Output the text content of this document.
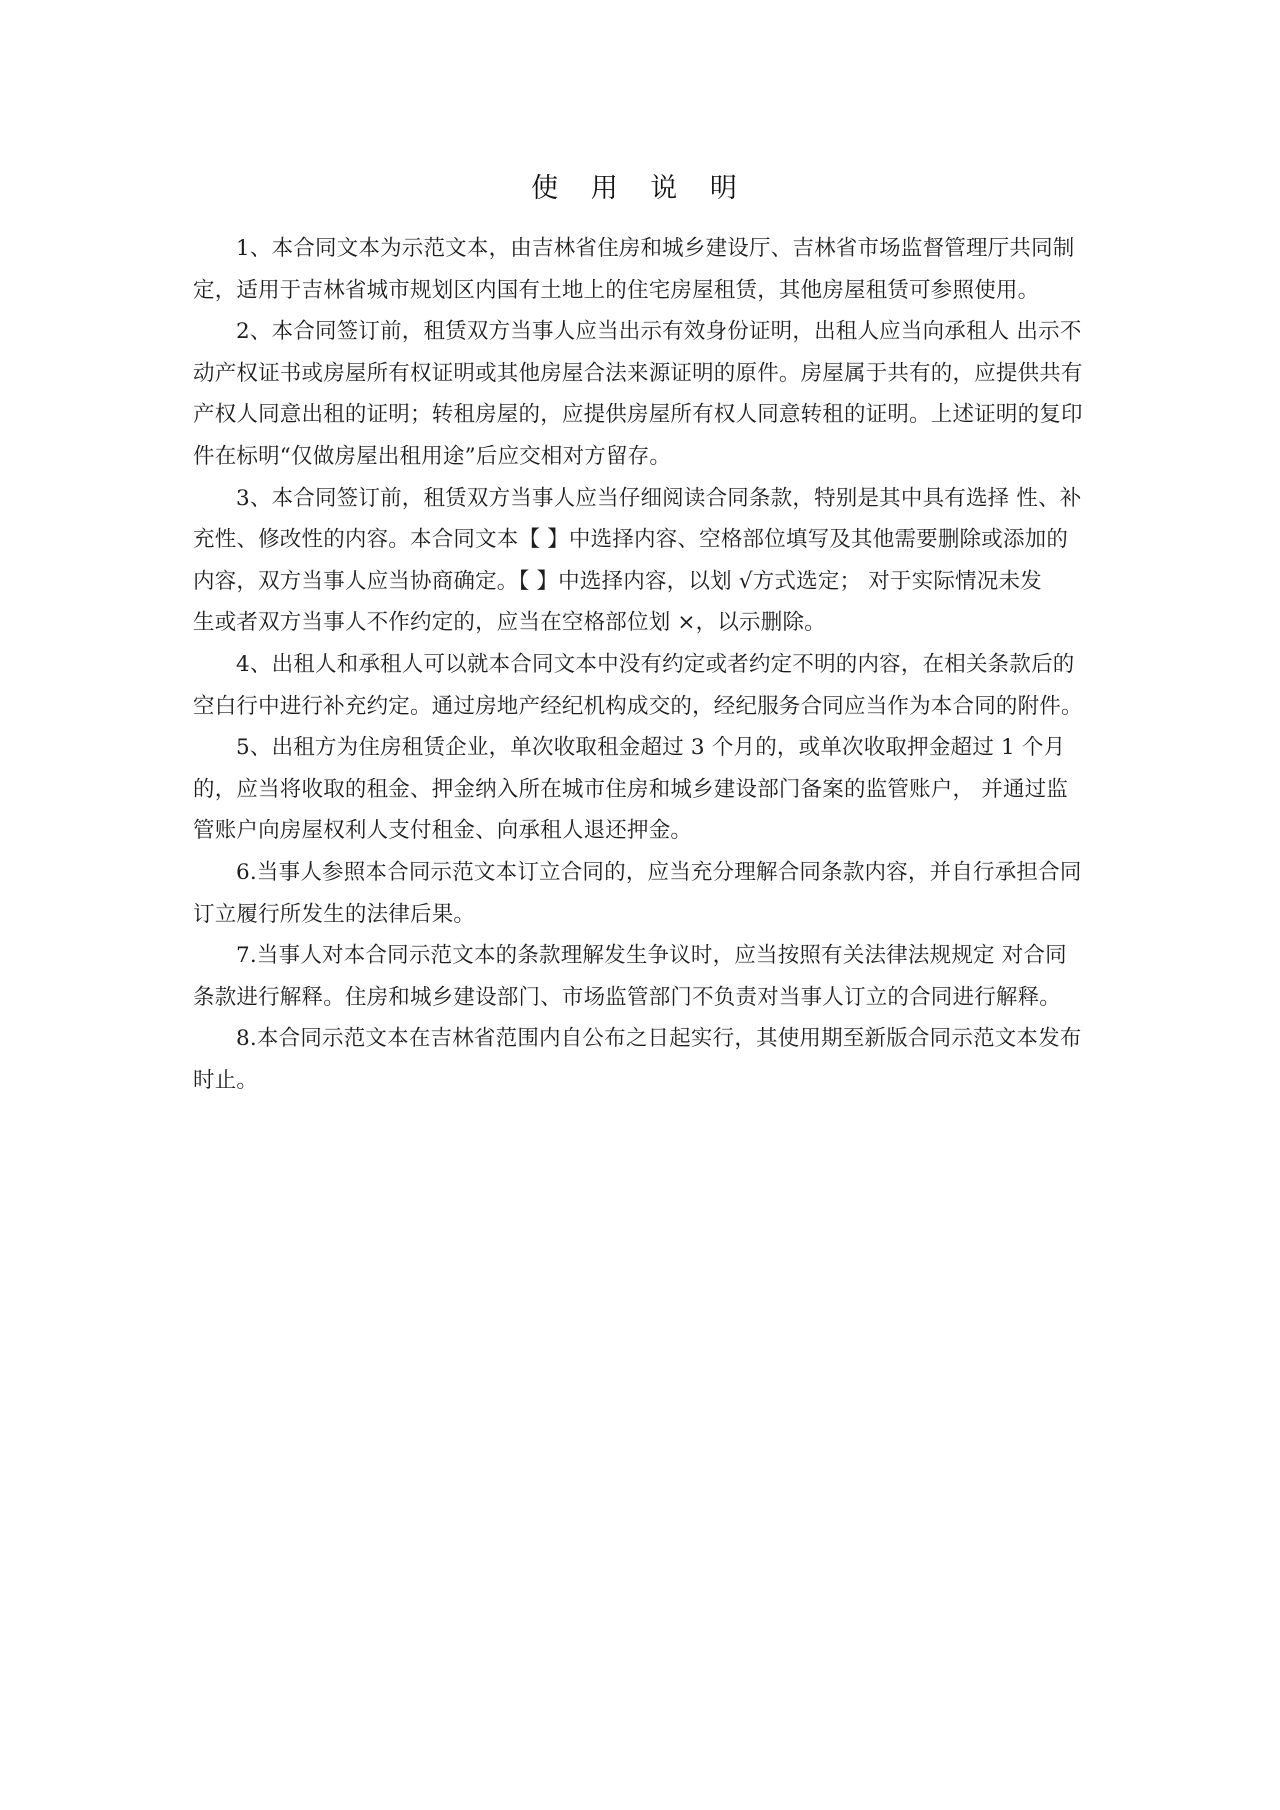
使 用 说 明
1、本合同文本为示范文本，由吉林省住房和城乡建设厅、吉林省市场监督管理厅共同制
定，适用于吉林省城市规划区内国有土地上的住宅房屋租赁，其他房屋租赁可参照使用。
2、本合同签订前，租赁双方当事人应当出示有效身份证明，出租人应当向承租人 出示不
动产权证书或房屋所有权证明或其他房屋合法来源证明的原件。房屋属于共有的，应提供共有
产权人同意出租的证明；转租房屋的，应提供房屋所有权人同意转租的证明。上述证明的复印
件在标明“仅做房屋出租用途”后应交相对方留存。
3、本合同签订前，租赁双方当事人应当仔细阅读合同条款，特别是其中具有选择 性、补
充性、修改性的内容。本合同文本【 】中选择内容、空格部位填写及其他需要删除或添加的
内容，双方当事人应当协商确定。【 】中选择内容，以划 √方式选定； 对于实际情况未发
生或者双方当事人不作约定的，应当在空格部位划 ×，以示删除。
4、出租人和承租人可以就本合同文本中没有约定或者约定不明的内容，在相关条款后的
空白行中进行补充约定。通过房地产经纪机构成交的，经纪服务合同应当作为本合同的附件。
5、出租方为住房租赁企业，单次收取租金超过 3 个月的，或单次收取押金超过 1 个月
的，应当将收取的租金、押金纳入所在城市住房和城乡建设部门备案的监管账户， 并通过监
管账户向房屋权利人支付租金、向承租人退还押金。
6.当事人参照本合同示范文本订立合同的，应当充分理解合同条款内容，并自行承担合同
订立履行所发生的法律后果。
7.当事人对本合同示范文本的条款理解发生争议时，应当按照有关法律法规规定 对合同
条款进行解释。住房和城乡建设部门、市场监管部门不负责对当事人订立的合同进行解释。
8.本合同示范文本在吉林省范围内自公布之日起实行，其使用期至新版合同示范文本发布
时止。
